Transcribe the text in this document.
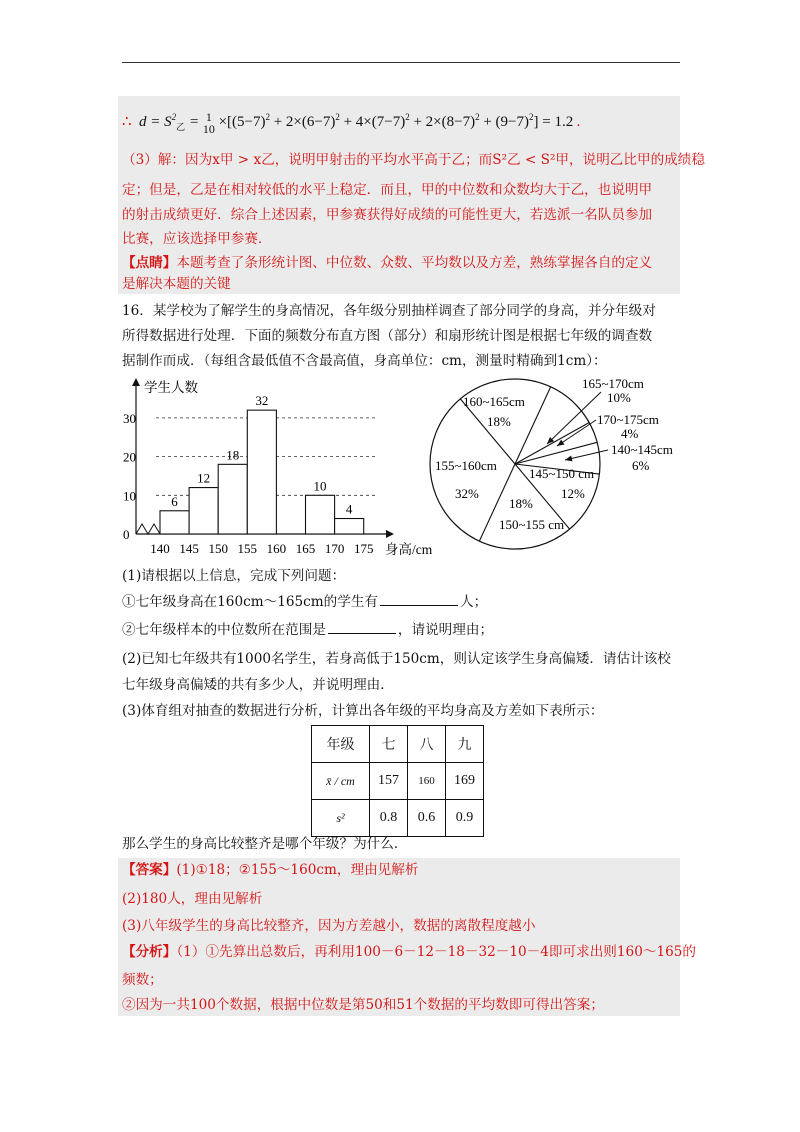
∴  $d = S^2_乙 = 1$
$10 \times[(5-7)^2 + 2\times(6-7)^2 + 4\times(7-7)^2 + 2\times(8-7)^2 + (9-7)^2] = 1.2$ .
（3）解：因为x甲 > x乙，说明甲射击的平均水平高于乙；而S²乙 < S²甲，说明乙比甲的成绩稳
定；但是，乙是在相对较低的水平上稳定．而且，甲的中位数和众数均大于乙，也说明甲
的射击成绩更好．综合上述因素，甲参赛获得好成绩的可能性更大，若选派一名队员参加
比赛，应该选择甲参赛．
【点睛】本题考查了条形统计图、中位数、众数、平均数以及方差，熟练掌握各自的定义
是解决本题的关键
16．某学校为了解学生的身高情况，各年级分别抽样调查了部分同学的身高，并分年级对
所得数据进行处理．下面的频数分布直方图（部分）和扇形统计图是根据七年级的调查数
据制作而成．（每组含最低值不含最高值，身高单位：cm，测量时精确到1cm）：
0
10
20
30
学生人数
6
12
18
32
10
4
140 145 150 155 160 165 170 175 身高/cm
160~165cm
18%
155~160cm
32%
18%
150~155 cm
145~150 cm
12%
165~170cm
10%
170~175cm
4%
140~145cm
6%
(1)请根据以上信息，完成下列问题：
①七年级身高在160cm～165cm的学生有	人；
②七年级样本的中位数所在范围是	，请说明理由；
(2)已知七年级共有1000名学生，若身高低于150cm，则认定该学生身高偏矮．请估计该校
七年级身高偏矮的共有多少人，并说明理由．
(3)体育组对抽查的数据进行分析，计算出各年级的平均身高及方差如下表所示：
年级	七	八	九
x̄ / cm	157	160	169
s²	0.8	0.6	0.9
那么学生的身高比较整齐是哪个年级？为什么．
【答案】(1)①18；②155～160cm，理由见解析
(2)180人，理由见解析
(3)八年级学生的身高比较整齐，因为方差越小，数据的离散程度越小
【分析】（1）①先算出总数后，再利用100－6－12－18－32－10－4即可求出则160～165的
频数；
②因为一共100个数据，根据中位数是第50和51个数据的平均数即可得出答案；
